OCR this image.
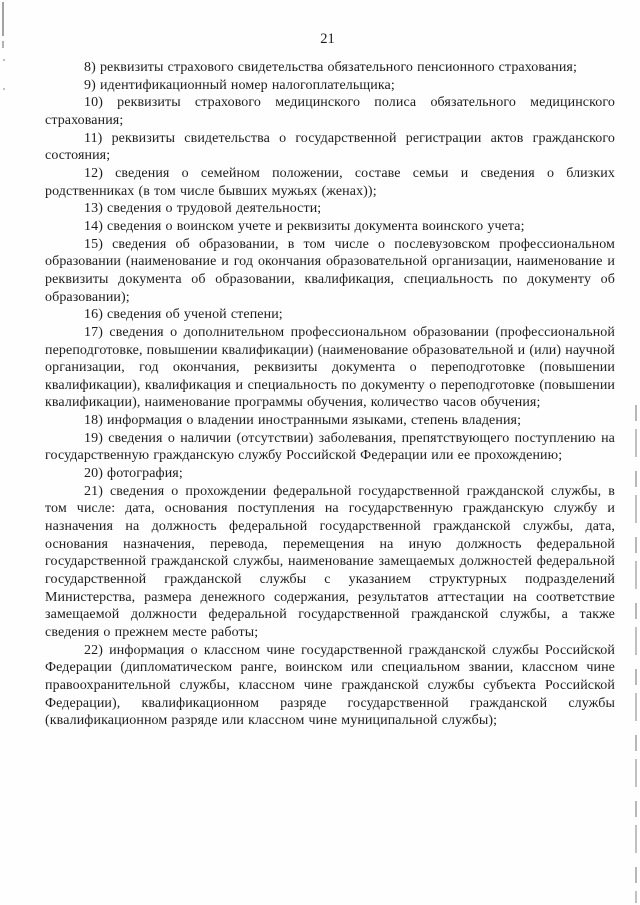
21

8) реквизиты страхового свидетельства обязательного пенсионного страхования;

9) идентификационный номер налогоплательщика;

10) реквизиты страхового медицинского полиса обязательного медицинского страхования;

11) реквизиты свидетельства о государственной регистрации актов гражданского состояния;

12) сведения о семейном положении, составе семьи и сведения о близких родственниках (в том числе бывших мужьях (женах));

13) сведения о трудовой деятельности;

14) сведения о воинском учете и реквизиты документа воинского учета;

15) сведения об образовании, в том числе о послевузовском профессиональном образовании (наименование и год окончания образовательной организации, наименование и реквизиты документа об образовании, квалификация, специальность по документу об образовании);

16) сведения об ученой степени;

17) сведения о дополнительном профессиональном образовании (профессиональной переподготовке, повышении квалификации) (наименование образовательной и (или) научной организации, год окончания, реквизиты документа о переподготовке (повышении квалификации), квалификация и специальность по документу о переподготовке (повышении квалификации), наименование программы обучения, количество часов обучения;

18) информация о владении иностранными языками, степень владения;

19) сведения о наличии (отсутствии) заболевания, препятствующего поступлению на государственную гражданскую службу Российской Федерации или ее прохождению;

20) фотография;

21) сведения о прохождении федеральной государственной гражданской службы, в том числе: дата, основания поступления на государственную гражданскую службу и назначения на должность федеральной государственной гражданской службы, дата, основания назначения, перевода, перемещения на иную должность федеральной государственной гражданской службы, наименование замещаемых должностей федеральной государственной гражданской службы с указанием структурных подразделений Министерства, размера денежного содержания, результатов аттестации на соответствие замещаемой должности федеральной государственной гражданской службы, а также сведения о прежнем месте работы;

22) информация о классном чине государственной гражданской службы Российской Федерации (дипломатическом ранге, воинском или специальном звании, классном чине правоохранительной службы, классном чине гражданской службы субъекта Российской Федерации), квалификационном разряде государственной гражданской службы (квалификационном разряде или классном чине муниципальной службы);
